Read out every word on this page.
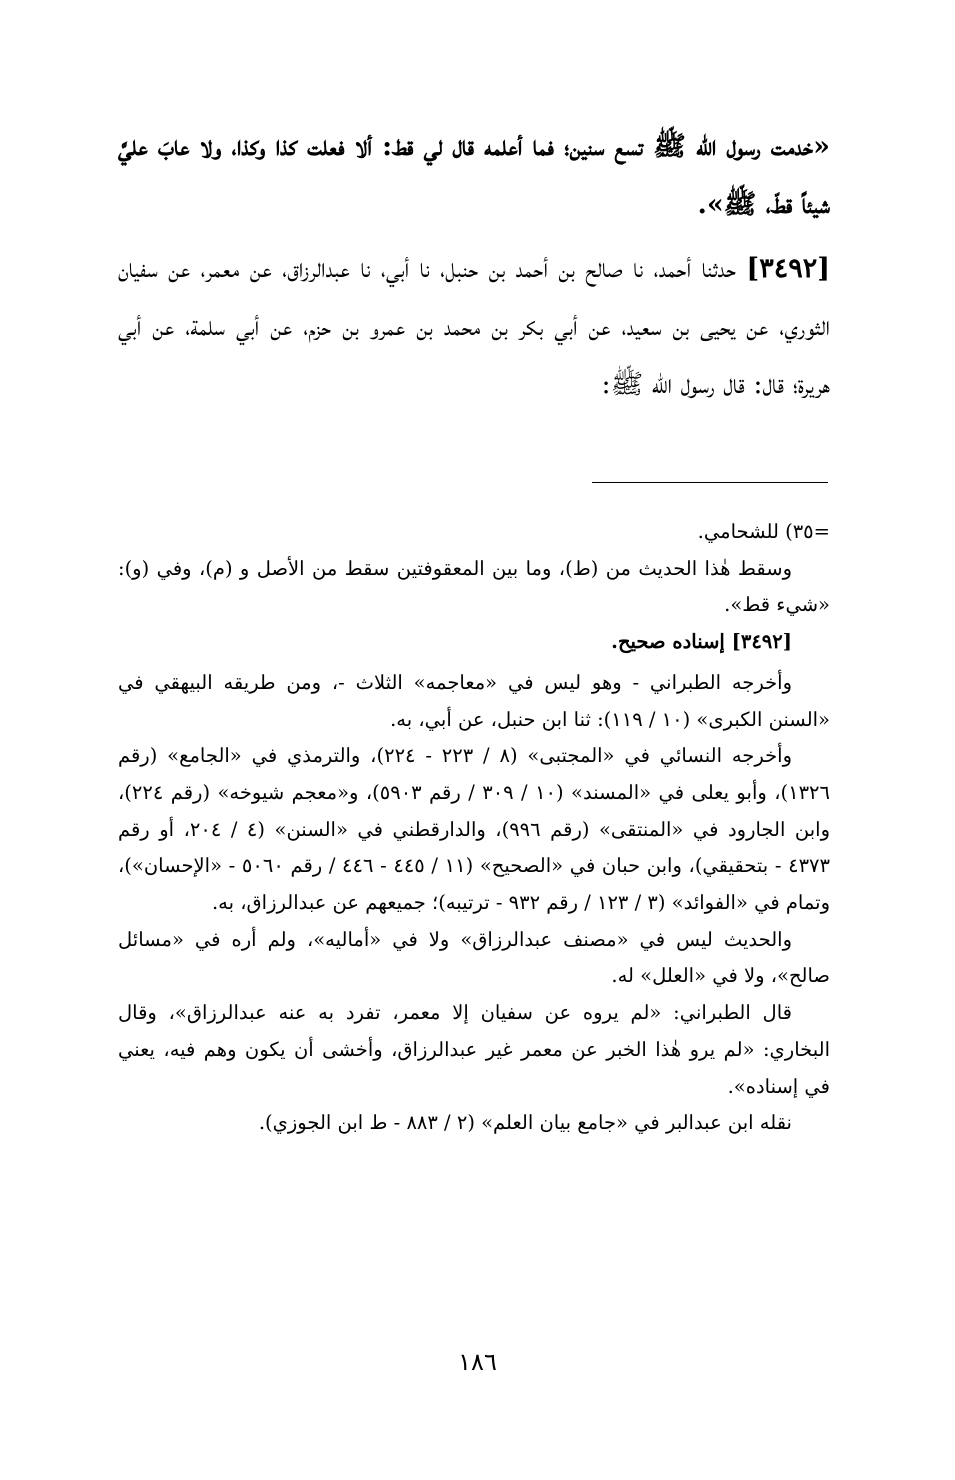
«خدمت رسول الله ﷺ تسع سنين؛ فما أعلمه قال لي قط: ألا فعلت كذا وكذا، ولا عابَ عليَّ شيئاً قطّ، ﷺ».

[٣٤٩٢] حدثنا أحمد، نا صالح بن أحمد بن حنبل، نا أبي، نا عبدالرزاق، عن معمر، عن سفيان الثوري، عن يحيى بن سعيد، عن أبي بكر بن محمد بن عمرو بن حزم، عن أبي سلمة، عن أبي هريرة؛ قال: قال رسول الله ﷺ:

=٣٥) للشحامي.

وسقط هٰذا الحديث من (ط)، وما بين المعقوفتين سقط من الأصل و (م)، وفي (و): «شيء قط».

[٣٤٩٢] إسناده صحيح.

وأخرجه الطبراني - وهو ليس في «معاجمه» الثلاث -، ومن طريقه البيهقي في «السنن الكبرى» (١٠ / ١١٩): ثنا ابن حنبل، عن أبي، به.

وأخرجه النسائي في «المجتبى» (٨ / ٢٢٣ - ٢٢٤)، والترمذي في «الجامع» (رقم ١٣٢٦)، وأبو يعلى في «المسند» (١٠ / ٣٠٩ / رقم ٥٩٠٣)، و«معجم شيوخه» (رقم ٢٢٤)، وابن الجارود في «المنتقى» (رقم ٩٩٦)، والدارقطني في «السنن» (٤ / ٢٠٤، أو رقم ٤٣٧٣ - بتحقيقي)، وابن حبان في «الصحيح» (١١ / ٤٤٥ - ٤٤٦ / رقم ٥٠٦٠ - «الإحسان»)، وتمام في «الفوائد» (٣ / ١٢٣ / رقم ٩٣٢ - ترتيبه)؛ جميعهم عن عبدالرزاق، به.

والحديث ليس في «مصنف عبدالرزاق» ولا في «أماليه»، ولم أره في «مسائل صالح»، ولا في «العلل» له.

قال الطبراني: «لم يروه عن سفيان إلا معمر، تفرد به عنه عبدالرزاق»، وقال البخاري: «لم يرو هٰذا الخبر عن معمر غير عبدالرزاق، وأخشى أن يكون وهم فيه، يعني في إسناده».

نقله ابن عبدالبر في «جامع بيان العلم» (٢ / ٨٨٣ - ط ابن الجوزي).

١٨٦
